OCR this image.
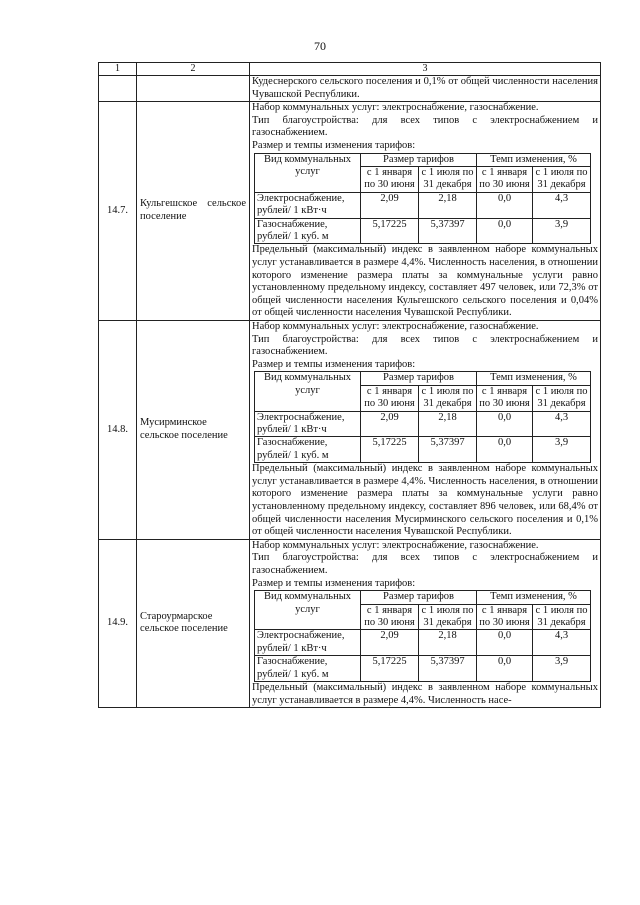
70
1	2	3

Кудеснерского сельского поселения и 0,1% от общей численности населения Чувашской Республики.

14.7.	Кульгешское сельское поселение	

Набор коммунальных услуг: электроснабжение, газоснабжение.

Тип благоустройства: для всех типов с электроснабжением и газоснабжением.

Размер и темпы изменения тарифов:

Вид коммунальных услуг	Размер тарифов	Темп изменения, %
с 1 января по 30 июня	с 1 июля по 31 декабря	с 1 января по 30 июня	с 1 июля по 31 декабря
Электроснабжение, рублей/ 1 кВт·ч	2,09	2,18	0,0	4,3
Газоснабжение, рублей/ 1 куб. м	5,17225	5,37397	0,0	3,9

Предельный (максимальный) индекс в заявленном наборе коммунальных услуг устанавливается в размере 4,4%. Численность населения, в отношении которого изменение размера платы за коммунальные услуги равно установленному предельному индексу, составляет 497 человек, или 72,3% от общей численности населения Кульгешского сельского поселения и 0,04% от общей численности населения Чувашской Республики.

14.8.	Мусирминское сельское поселение	

Набор коммунальных услуг: электроснабжение, газоснабжение.

Тип благоустройства: для всех типов с электроснабжением и газоснабжением.

Размер и темпы изменения тарифов:

Вид коммунальных услуг	Размер тарифов	Темп изменения, %
с 1 января по 30 июня	с 1 июля по 31 декабря	с 1 января по 30 июня	с 1 июля по 31 декабря
Электроснабжение, рублей/ 1 кВт·ч	2,09	2,18	0,0	4,3
Газоснабжение, рублей/ 1 куб. м	5,17225	5,37397	0,0	3,9

Предельный (максимальный) индекс в заявленном наборе коммунальных услуг устанавливается в размере 4,4%. Численность населения, в отношении которого изменение размера платы за коммунальные услуги равно установленному предельному индексу, составляет 896 человек, или 68,4% от общей численности населения Мусирминского сельского поселения и 0,1% от общей численности населения Чувашской Республики.

14.9.	Староурмарское сельское поселение	

Набор коммунальных услуг: электроснабжение, газоснабжение.

Тип благоустройства: для всех типов с электроснабжением и газоснабжением.

Размер и темпы изменения тарифов:

Вид коммунальных услуг	Размер тарифов	Темп изменения, %
с 1 января по 30 июня	с 1 июля по 31 декабря	с 1 января по 30 июня	с 1 июля по 31 декабря
Электроснабжение, рублей/ 1 кВт·ч	2,09	2,18	0,0	4,3
Газоснабжение, рублей/ 1 куб. м	5,17225	5,37397	0,0	3,9

Предельный (максимальный) индекс в заявленном наборе коммунальных услуг устанавливается в размере 4,4%. Численность насе-
